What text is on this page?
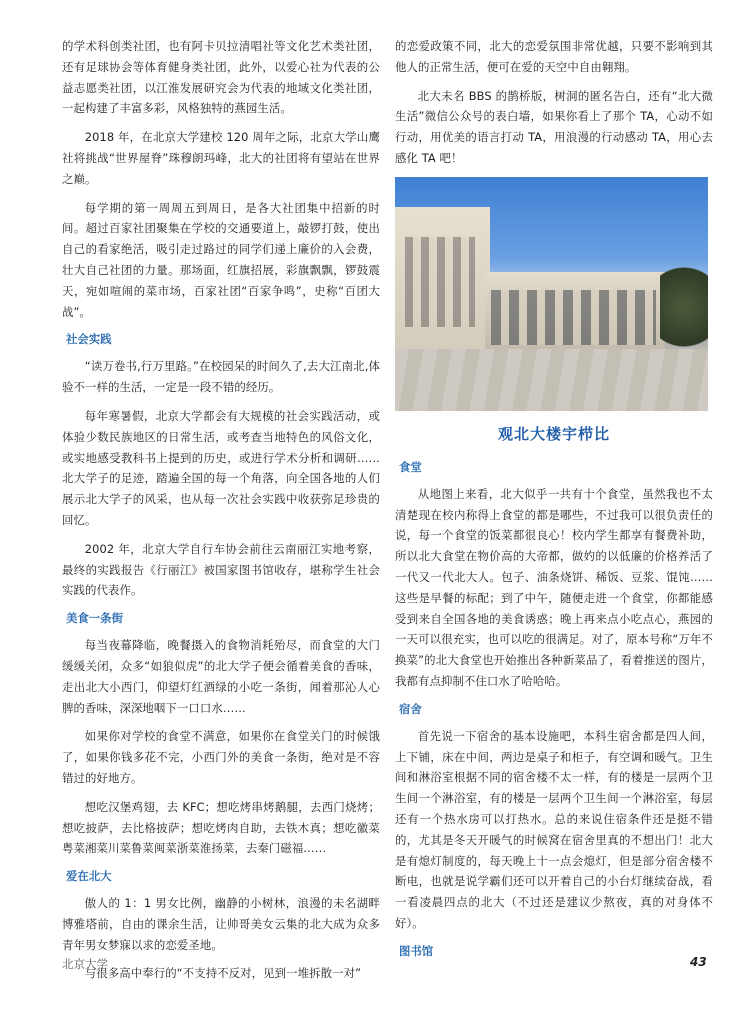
的学术科创类社团，也有阿卡贝拉清唱社等文化艺术类社团，还有足球协会等体育健身类社团，此外，以爱心社为代表的公益志愿类社团，以江淮发展研究会为代表的地域文化类社团，一起构建了丰富多彩，风格独特的燕园生活。

2018 年，在北京大学建校 120 周年之际，北京大学山鹰社将挑战“世界屋脊”珠穆朗玛峰，北大的社团将有望站在世界之巅。

每学期的第一周周五到周日，是各大社团集中招新的时间。超过百家社团聚集在学校的交通要道上，敲锣打鼓，使出自己的看家绝活，吸引走过路过的同学们递上廉价的入会费，壮大自己社团的力量。那场面，红旗招展，彩旗飘飘，锣鼓震天，宛如喧闹的菜市场，百家社团“百家争鸣”，史称“百团大战”。

社会实践

“读万卷书,行万里路。”在校园呆的时间久了,去大江南北,体验不一样的生活，一定是一段不错的经历。

每年寒暑假，北京大学都会有大规模的社会实践活动，或体验少数民族地区的日常生活，或考查当地特色的风俗文化，或实地感受教科书上提到的历史，或进行学术分析和调研……北大学子的足迹，踏遍全国的每一个角落，向全国各地的人们展示北大学子的风采，也从每一次社会实践中收获弥足珍贵的回忆。

2002 年，北京大学自行车协会前往云南丽江实地考察，最终的实践报告《行丽江》被国家图书馆收存，堪称学生社会实践的代表作。

美食一条街

每当夜幕降临，晚餐摄入的食物消耗殆尽，而食堂的大门缓缓关闭，众多“如狼似虎”的北大学子便会循着美食的香味，走出北大小西门，仰望灯红酒绿的小吃一条街，闻着那沁人心脾的香味，深深地咽下一口口水……

如果你对学校的食堂不满意，如果你在食堂关门的时候饿了，如果你钱多花不完，小西门外的美食一条街，绝对是不容错过的好地方。

想吃汉堡鸡翅，去 KFC；想吃烤串烤鹅腿，去西门烧烤；想吃披萨，去比格披萨；想吃烤肉自助，去铁木真；想吃徽菜粤菜湘菜川菜鲁菜闽菜浙菜淮扬菜，去秦门磁福……

爱在北大

傲人的 1：1 男女比例，幽静的小树林，浪漫的未名湖畔博雅塔前，自由的课余生活，让帅哥美女云集的北大成为众多青年男女梦寐以求的恋爱圣地。

与很多高中奉行的“不支持不反对，见到一堆拆散一对”

的恋爱政策不同，北大的恋爱氛围非常优越，只要不影响到其他人的正常生活，便可在爱的天空中自由翱翔。

北大未名 BBS 的鹊桥版，树洞的匿名告白，还有“北大微生活”微信公众号的表白墙，如果你看上了那个 TA，心动不如行动，用优美的语言打动 TA，用浪漫的行动感动 TA，用心去感化 TA 吧！

观北大楼宇栉比
食堂

从地图上来看，北大似乎一共有十个食堂，虽然我也不太清楚现在校内称得上食堂的都是哪些，不过我可以很负责任的说，每一个食堂的饭菜都很良心！校内学生都享有餐费补助，所以北大食堂在物价高的大帝都，做妁的以低廉的价格养活了一代又一代北大人。包子、油条烧饼、稀饭、豆浆、馄饨……这些是早餐的标配；到了中午，随便走进一个食堂，你都能感受到来自全国各地的美食诱惑；晚上再来点小吃点心，燕园的一天可以很充实，也可以吃的很满足。对了，原本号称“万年不换菜”的北大食堂也开始推出各种新菜品了，看着推送的图片，我都有点抑制不住口水了哈哈哈。

宿舍

首先说一下宿舍的基本设施吧，本科生宿舍都是四人间，上下铺，床在中间，两边是桌子和柜子，有空调和暖气。卫生间和淋浴室根据不同的宿舍楼不太一样，有的楼是一层两个卫生间一个淋浴室，有的楼是一层两个卫生间一个淋浴室，每层还有一个热水房可以打热水。总的来说住宿条件还是挺不错的，尤其是冬天开暖气的时候窝在宿舍里真的不想出门！北大是有熄灯制度的，每天晚上十一点会熄灯，但是部分宿舍楼不断电，也就是说学霸们还可以开着自己的小台灯继续奋战，看一看凌晨四点的北大（不过还是建议少熬夜，真的对身体不好）。

图书馆
北京大学	43
